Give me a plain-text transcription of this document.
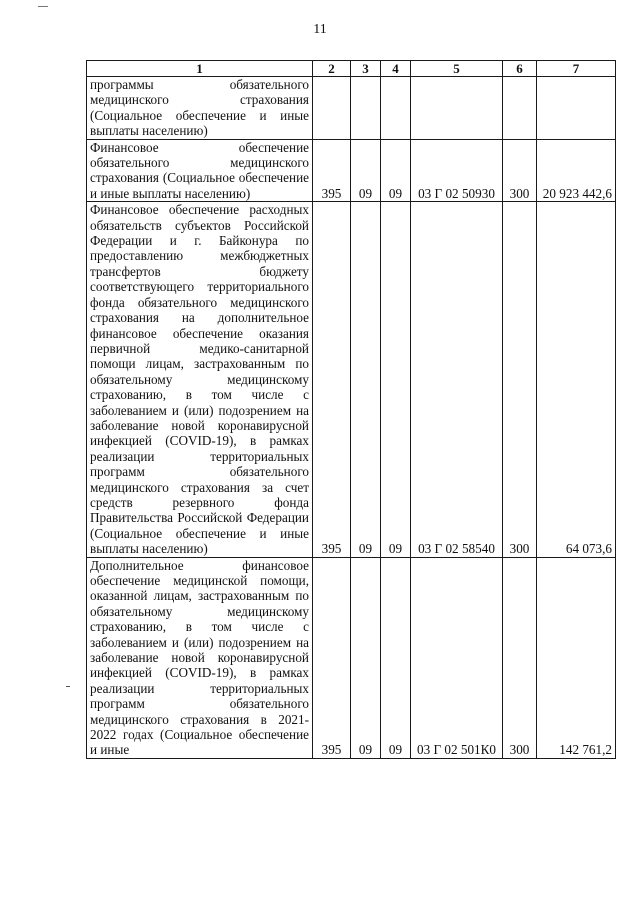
11
1	2	3	4	5	6	7
программы обязательного медицинского страхования (Социальное обеспечение и иные выплаты населению)						
Финансовое обеспечение обязательного медицинского страхования (Социальное обеспечение и иные выплаты населению)	395	09	09	03 Г 02 50930	300	20 923 442,6
Финансовое обеспечение расходных обязательств субъектов Российской Федерации и г. Байконура по предоставлению межбюджетных трансфертов бюджету соответствующего территориального фонда обязательного медицинского страхования на дополнительное финансовое обеспечение оказания первичной медико-санитарной помощи лицам, застрахованным по обязательному медицинскому страхованию, в том числе с заболеванием и (или) подозрением на заболевание новой коронавирусной инфекцией (COVID-19), в рамках реализации территориальных программ обязательного медицинского страхования за счет средств резервного фонда Правительства Российской Федерации (Социальное обеспечение и иные выплаты населению)	395	09	09	03 Г 02 58540	300	64 073,6
Дополнительное финансовое обеспечение медицинской помощи, оказанной лицам, застрахованным по обязательному медицинскому страхованию, в том числе с заболеванием и (или) подозрением на заболевание новой коронавирусной инфекцией (COVID-19), в рамках реализации территориальных программ обязательного медицинского страхования в 2021-2022 годах (Социальное обеспечение и иные	395	09	09	03 Г 02 501К0	300	142 761,2
